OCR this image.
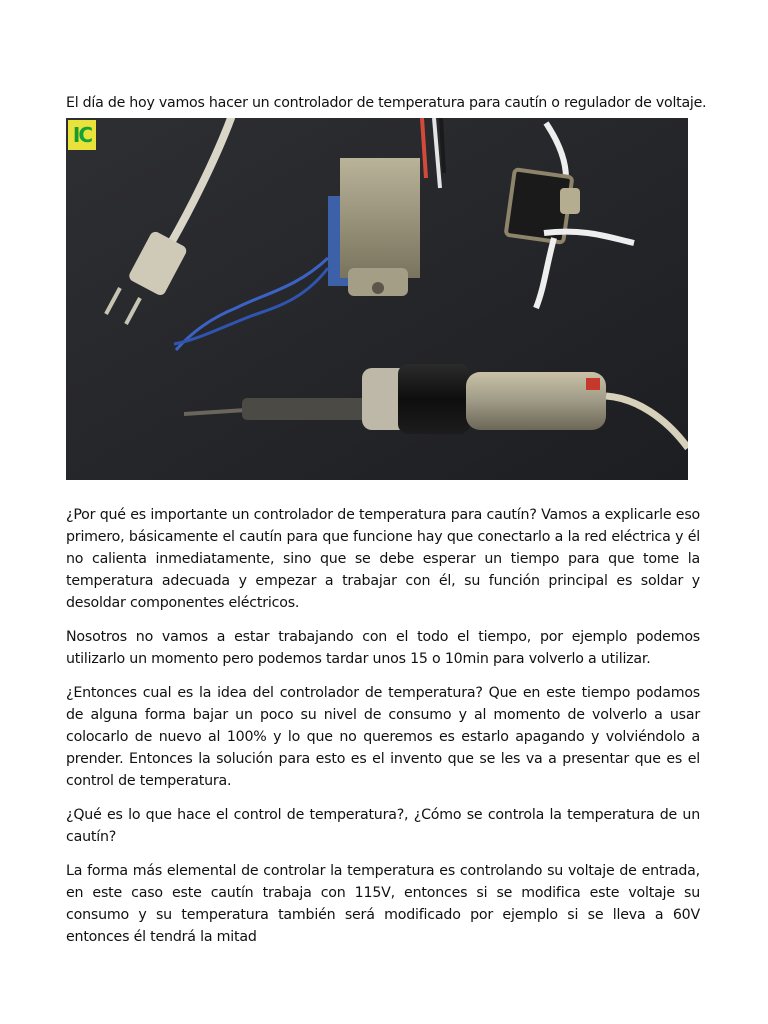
El día de hoy vamos hacer un controlador de temperatura para cautín o regulador de voltaje.

IC

¿Por qué es importante un controlador de temperatura para cautín? Vamos a explicarle eso primero, básicamente el cautín para que funcione hay que conectarlo a la red eléctrica y él no calienta inmediatamente, sino que se debe esperar un tiempo para que tome la temperatura adecuada y empezar a trabajar con él, su función principal es soldar y desoldar componentes eléctricos.

Nosotros no vamos a estar trabajando con el todo el tiempo, por ejemplo podemos utilizarlo un momento pero podemos tardar unos 15 o 10min para volverlo a utilizar.

¿Entonces cual es la idea del controlador de temperatura? Que en este tiempo podamos de alguna forma bajar un poco su nivel de consumo y al momento de volverlo a usar colocarlo de nuevo al 100% y lo que no queremos es estarlo apagando y volviéndolo a prender. Entonces la solución para esto es el invento que se les va a presentar que es el control de temperatura.

¿Qué es lo que hace el control de temperatura?, ¿Cómo se controla la temperatura de un cautín?

La forma más elemental de controlar la temperatura es controlando su voltaje de entrada, en este caso este cautín trabaja con 115V, entonces si se modifica este voltaje su consumo y su temperatura también será modificado por ejemplo si se lleva a 60V entonces él tendrá la mitad
